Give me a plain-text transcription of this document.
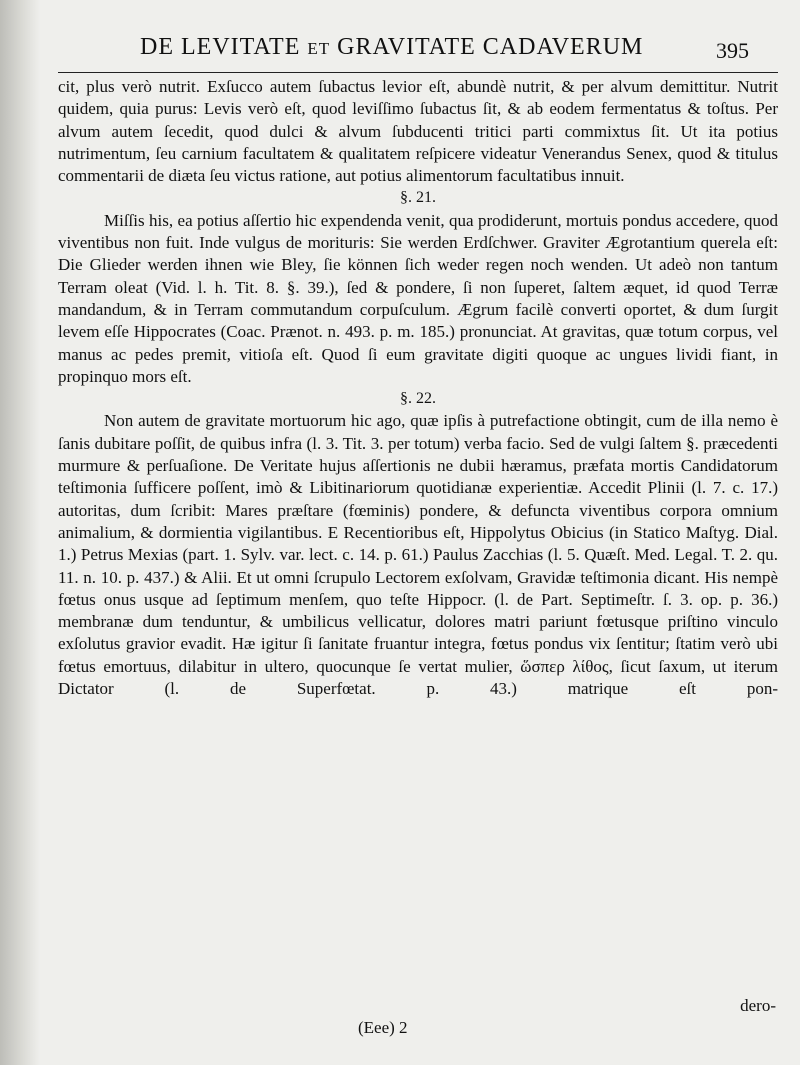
DE LEVITATE ET GRAVITATE CADAVERUM	395

cit, plus verò nutrit. Exſucco autem ſubactus levior eſt, abundè nutrit, & per alvum demittitur. Nutrit quidem, quia purus: Levis verò eſt, quod leviſſimo ſubactus ſit, & ab eodem fermentatus & toſtus. Per alvum autem ſecedit, quod dulci & alvum ſubducenti tritici parti commixtus ſit. Ut ita potius nutrimentum, ſeu carnium facultatem & qualitatem reſpicere videatur Venerandus Senex, quod & titulus commentarii de diæta ſeu victus ratione, aut potius alimentorum facultatibus innuit.

§. 21.

Miſſis his, ea potius aſſertio hic expendenda venit, qua prodiderunt, mortuis pondus accedere, quod viventibus non fuit. Inde vulgus de morituris: Sie werden Erdſchwer. Graviter Ægrotantium querela eſt: Die Glieder werden ihnen wie Bley, ſie können ſich weder regen noch wenden. Ut adeò non tantum Terram oleat (Vid. l. h. Tit. 8. §. 39.), ſed & pondere, ſi non ſuperet, ſaltem æquet, id quod Terræ mandandum, & in Terram commutandum corpuſculum. Ægrum facilè converti oportet, & dum ſurgit levem eſſe Hippocrates (Coac. Prænot. n. 493. p. m. 185.) pronunciat. At gravitas, quæ totum corpus, vel manus ac pedes premit, vitioſa eſt. Quod ſi eum gravitate digiti quoque ac ungues lividi fiant, in propinquo mors eſt.

§. 22.

Non autem de gravitate mortuorum hic ago, quæ ipſis à putrefactione obtingit, cum de illa nemo è ſanis dubitare poſſit, de quibus infra (l. 3. Tit. 3. per totum) verba facio. Sed de vulgi ſaltem §. præcedenti murmure & perſuaſione. De Veritate hujus aſſertionis ne dubii hæramus, præfata mortis Candidatorum teſtimonia ſufficere poſſent, imò & Libitinariorum quotidianæ experientiæ. Accedit Plinii (l. 7. c. 17.) autoritas, dum ſcribit: Mares præſtare (fœminis) pondere, & defuncta viventibus corpora omnium animalium, & dormientia vigilantibus. E Recentioribus eſt, Hippolytus Obicius (in Statico Maſtyg. Dial. 1.) Petrus Mexias (part. 1. Sylv. var. lect. c. 14. p. 61.) Paulus Zacchias (l. 5. Quæſt. Med. Legal. T. 2. qu. 11. n. 10. p. 437.) & Alii. Et ut omni ſcrupulo Lectorem exſolvam, Gravidæ teſtimonia dicant. His nempè fœtus onus usque ad ſeptimum menſem, quo teſte Hippocr. (l. de Part. Septimeſtr. ſ. 3. op. p. 36.) membranæ dum tenduntur, & umbilicus vellicatur, dolores matri pariunt fœtusque priſtino vinculo exſolutus gravior evadit. Hæ igitur ſi ſanitate fruantur integra, fœtus pondus vix ſentitur; ſtatim verò ubi fœtus emortuus, dilabitur in ultero, quocunque ſe vertat mulier, ὥσπερ λίθος, ſicut ſaxum, ut iterum Dictator (l. de Superfœtat. p. 43.) matrique eſt pon-

dero-
(Eee) 2
